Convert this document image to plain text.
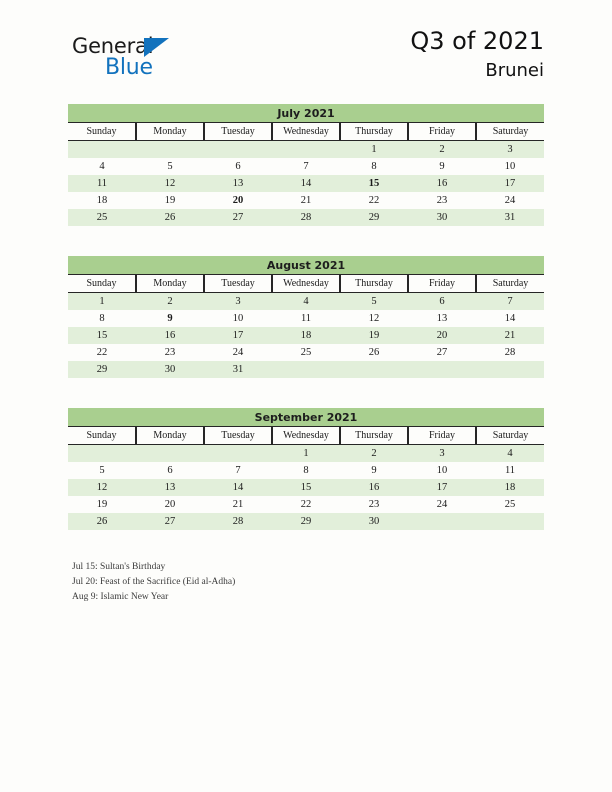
General
Blue
Q3 of 2021
Brunei
July 2021
Sunday	Monday	Tuesday	Wednesday	Thursday	Friday	Saturday
				1	2	3
4	5	6	7	8	9	10
11	12	13	14	15	16	17
18	19	20	21	22	23	24
25	26	27	28	29	30	31
August 2021
Sunday	Monday	Tuesday	Wednesday	Thursday	Friday	Saturday
1	2	3	4	5	6	7
8	9	10	11	12	13	14
15	16	17	18	19	20	21
22	23	24	25	26	27	28
29	30	31				
September 2021
Sunday	Monday	Tuesday	Wednesday	Thursday	Friday	Saturday
			1	2	3	4
5	6	7	8	9	10	11
12	13	14	15	16	17	18
19	20	21	22	23	24	25
26	27	28	29	30		
Jul 15: Sultan's Birthday
Jul 20: Feast of the Sacrifice (Eid al-Adha)
Aug 9: Islamic New Year
